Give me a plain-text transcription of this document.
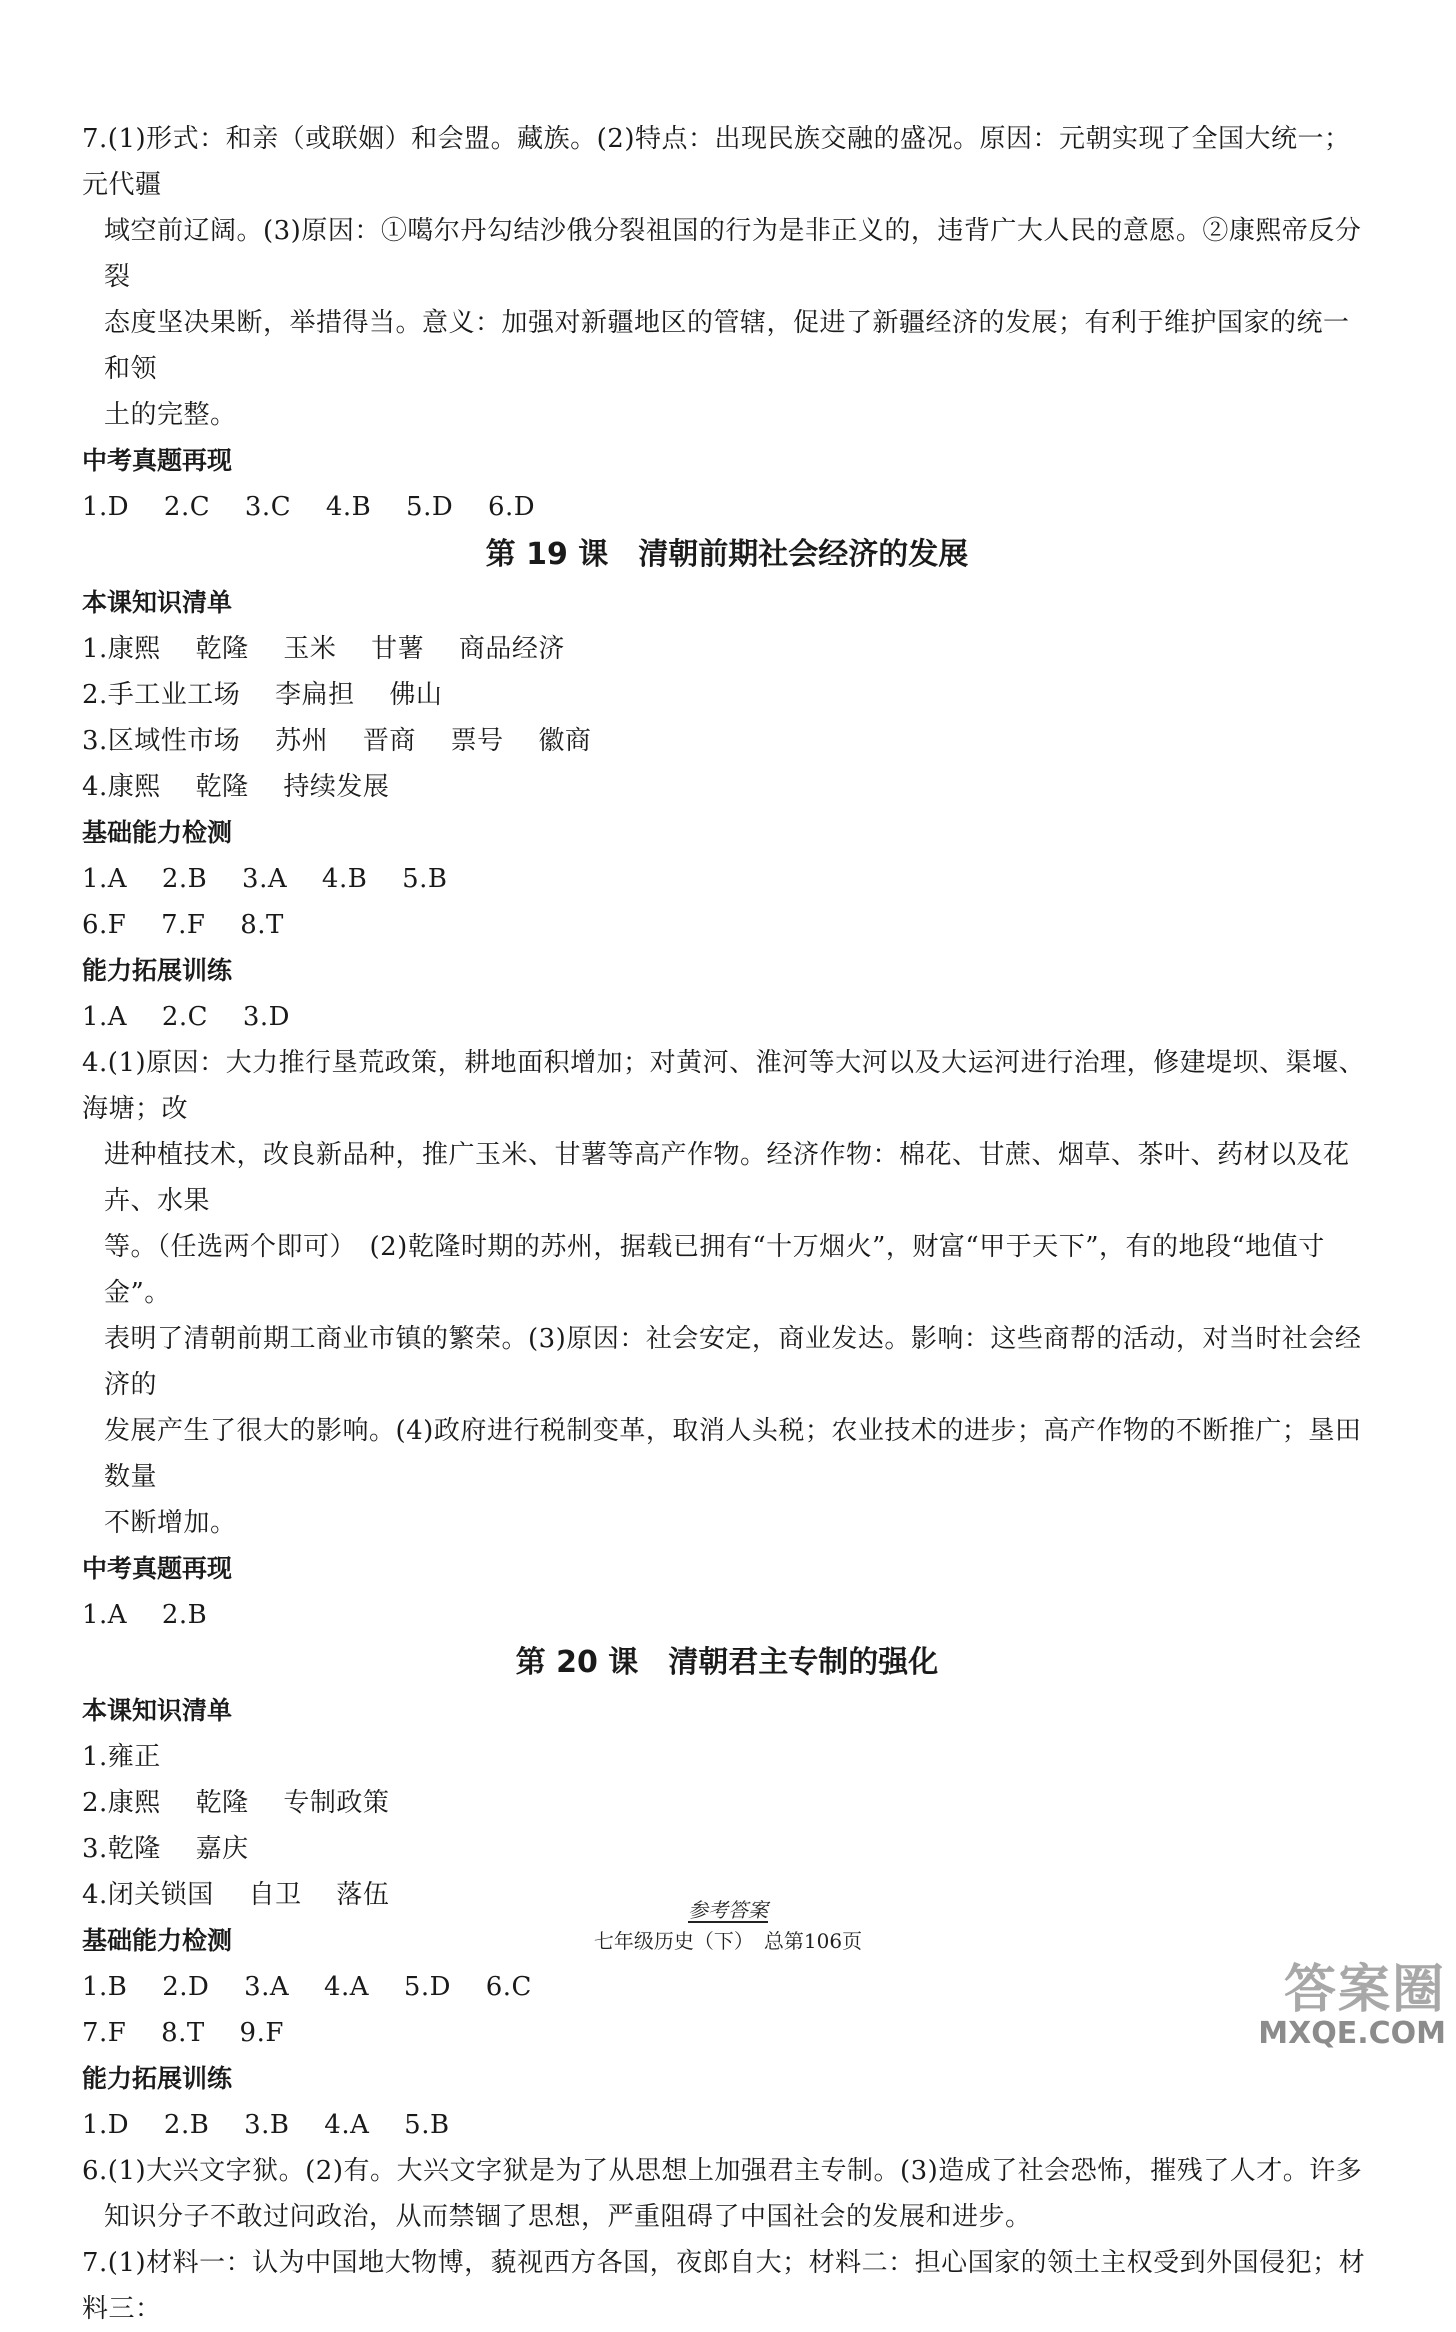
7.(1)形式：和亲（或联姻）和会盟。藏族。(2)特点：出现民族交融的盛况。原因：元朝实现了全国大统一；元代疆
域空前辽阔。(3)原因：①噶尔丹勾结沙俄分裂祖国的行为是非正义的，违背广大人民的意愿。②康熙帝反分裂
态度坚决果断，举措得当。意义：加强对新疆地区的管辖，促进了新疆经济的发展；有利于维护国家的统一和领
土的完整。
中考真题再现
1.D 2.C 3.C 4.B 5.D 6.D
第 19 课 清朝前期社会经济的发展
本课知识清单
1.康熙 乾隆 玉米 甘薯 商品经济
2.手工业工场 李扁担 佛山
3.区域性市场 苏州 晋商 票号 徽商
4.康熙 乾隆 持续发展
基础能力检测
1.A 2.B 3.A 4.B 5.B
6.F 7.F 8.T
能力拓展训练
1.A 2.C 3.D
4.(1)原因：大力推行垦荒政策，耕地面积增加；对黄河、淮河等大河以及大运河进行治理，修建堤坝、渠堰、海塘；改
进种植技术，改良新品种，推广玉米、甘薯等高产作物。经济作物：棉花、甘蔗、烟草、茶叶、药材以及花卉、水果
等。（任选两个即可）　(2)乾隆时期的苏州，据载已拥有“十万烟火”，财富“甲于天下”，有的地段“地值寸金”。
表明了清朝前期工商业市镇的繁荣。(3)原因：社会安定，商业发达。影响：这些商帮的活动，对当时社会经济的
发展产生了很大的影响。(4)政府进行税制变革，取消人头税；农业技术的进步；高产作物的不断推广；垦田数量
不断增加。
中考真题再现
1.A 2.B
第 20 课 清朝君主专制的强化
本课知识清单
1.雍正
2.康熙 乾隆 专制政策
3.乾隆 嘉庆
4.闭关锁国 自卫 落伍
基础能力检测
1.B 2.D 3.A 4.A 5.D 6.C
7.F 8.T 9.F
能力拓展训练
1.D 2.B 3.B 4.A 5.B
6.(1)大兴文字狱。(2)有。大兴文字狱是为了从思想上加强君主专制。(3)造成了社会恐怖，摧残了人才。许多
知识分子不敢过问政治，从而禁锢了思想，严重阻碍了中国社会的发展和进步。
7.(1)材料一：认为中国地大物博，藐视西方各国，夜郎自大；材料二：担心国家的领土主权受到外国侵犯；材料三：
参考答案
七年级历史（下）　总第106页
答案圈
MXQE.COM
